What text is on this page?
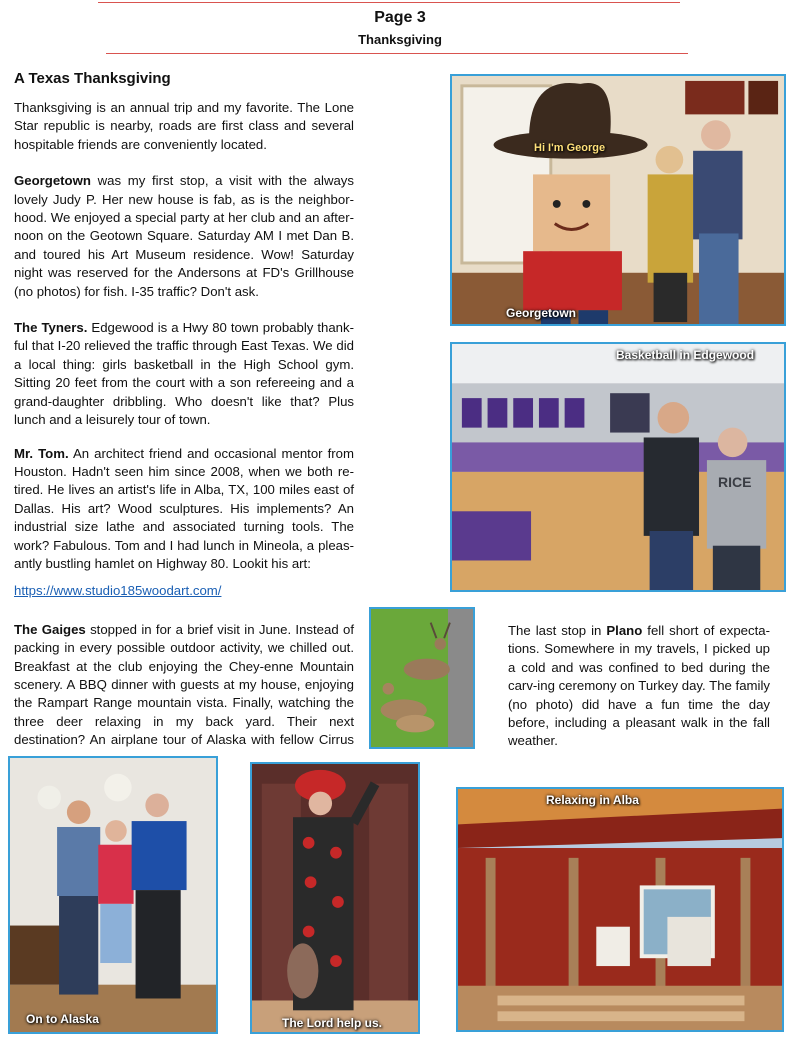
Page 3
Thanksgiving
A Texas Thanksgiving

Thanksgiving is an annual trip and my favorite. The Lone Star republic is nearby, roads are first class and several hospitable friends are conveniently located.

Georgetown was my first stop, a visit with the always lovely Judy P. Her new house is fab, as is the neighbor-hood. We enjoyed a special party at her club and an after-noon on the Geotown Square. Saturday AM I met Dan B. and toured his Art Museum residence. Wow! Saturday night was reserved for the Andersons at FD's Grillhouse (no photos) for fish. I-35 traffic? Don't ask.

The Tyners. Edgewood is a Hwy 80 town probably thank-ful that I-20 relieved the traffic through East Texas. We did a local thing: girls basketball in the High School gym. Sitting 20 feet from the court with a son refereeing and a grand-daughter dribbling. Who doesn't like that? Plus lunch and a leisurely tour of town.

Mr. Tom. An architect friend and occasional mentor from Houston. Hadn't seen him since 2008, when we both re-tired. He lives an artist's life in Alba, TX, 100 miles east of Dallas. His art? Wood sculptures. His implements? An industrial size lathe and associated turning tools. The work? Fabulous. Tom and I had lunch in Mineola, a pleas-antly bustling hamlet on Highway 80. Lookit his art:

https://www.studio185woodart.com/

The Gaiges stopped in for a brief visit in June. Instead of packing in every possible outdoor activity, we chilled out. Breakfast at the club enjoying the Chey-enne Mountain scenery. A BBQ dinner with guests at my house, enjoying the Rampart Range mountain vista. Finally, watching the three deer relaxing in my back yard. Their next destination? An airplane tour of Alaska with fellow Cirrus

The last stop in Plano fell short of expecta-tions. Somewhere in my travels, I picked up a cold and was confined to bed during the carv-ing ceremony on Turkey day. The family (no photo) did have a fun time the day before, including a pleasant walk in the fall weather.
Hi I'm George
Georgetown
RICE
Basketball in Edgewood
On to Alaska	The Lord help us.
Relaxing in Alba
